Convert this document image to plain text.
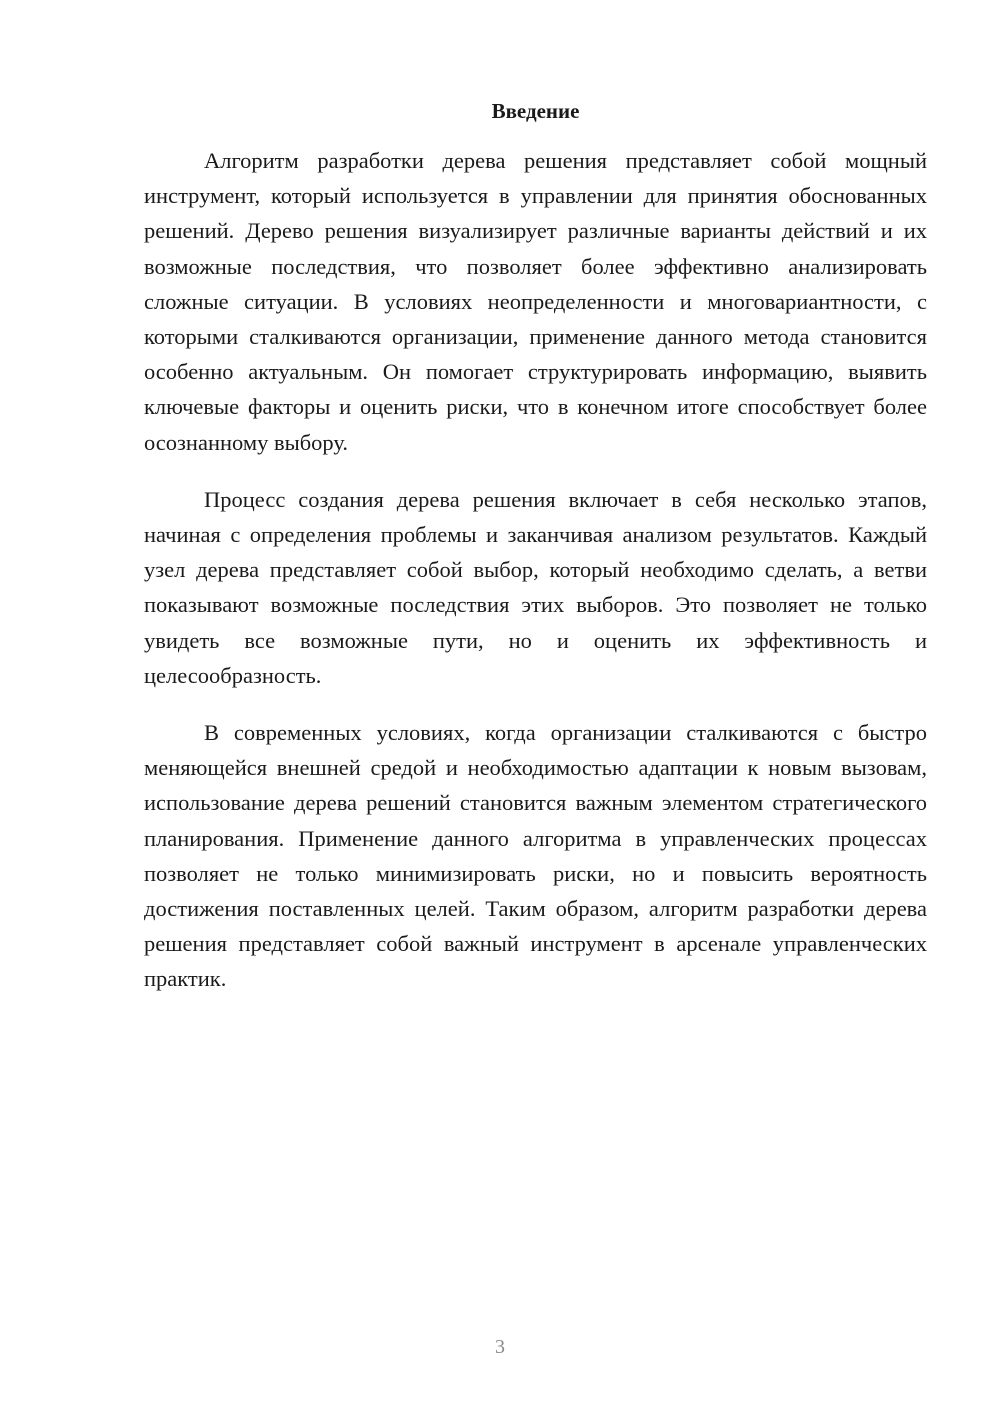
Введение

Алгоритм разработки дерева решения представляет собой мощный инструмент, который используется в управлении для принятия обоснованных решений. Дерево решения визуализирует различные варианты действий и их возможные последствия, что позволяет более эффективно анализировать сложные ситуации. В условиях неопределенности и многовариантности, с которыми сталкиваются организации, применение данного метода становится особенно актуальным. Он помогает структурировать информацию, выявить ключевые факторы и оценить риски, что в конечном итоге способствует более осознанному выбору.

Процесс создания дерева решения включает в себя несколько этапов, начиная с определения проблемы и заканчивая анализом результатов. Каждый узел дерева представляет собой выбор, который необходимо сделать, а ветви показывают возможные последствия этих выборов. Это позволяет не только увидеть все возможные пути, но и оценить их эффективность и целесообразность.

В современных условиях, когда организации сталкиваются с быстро меняющейся внешней средой и необходимостью адаптации к новым вызовам, использование дерева решений становится важным элементом стратегического планирования. Применение данного алгоритма в управленческих процессах позволяет не только минимизировать риски, но и повысить вероятность достижения поставленных целей. Таким образом, алгоритм разработки дерева решения представляет собой важный инструмент в арсенале управленческих практик.

3
